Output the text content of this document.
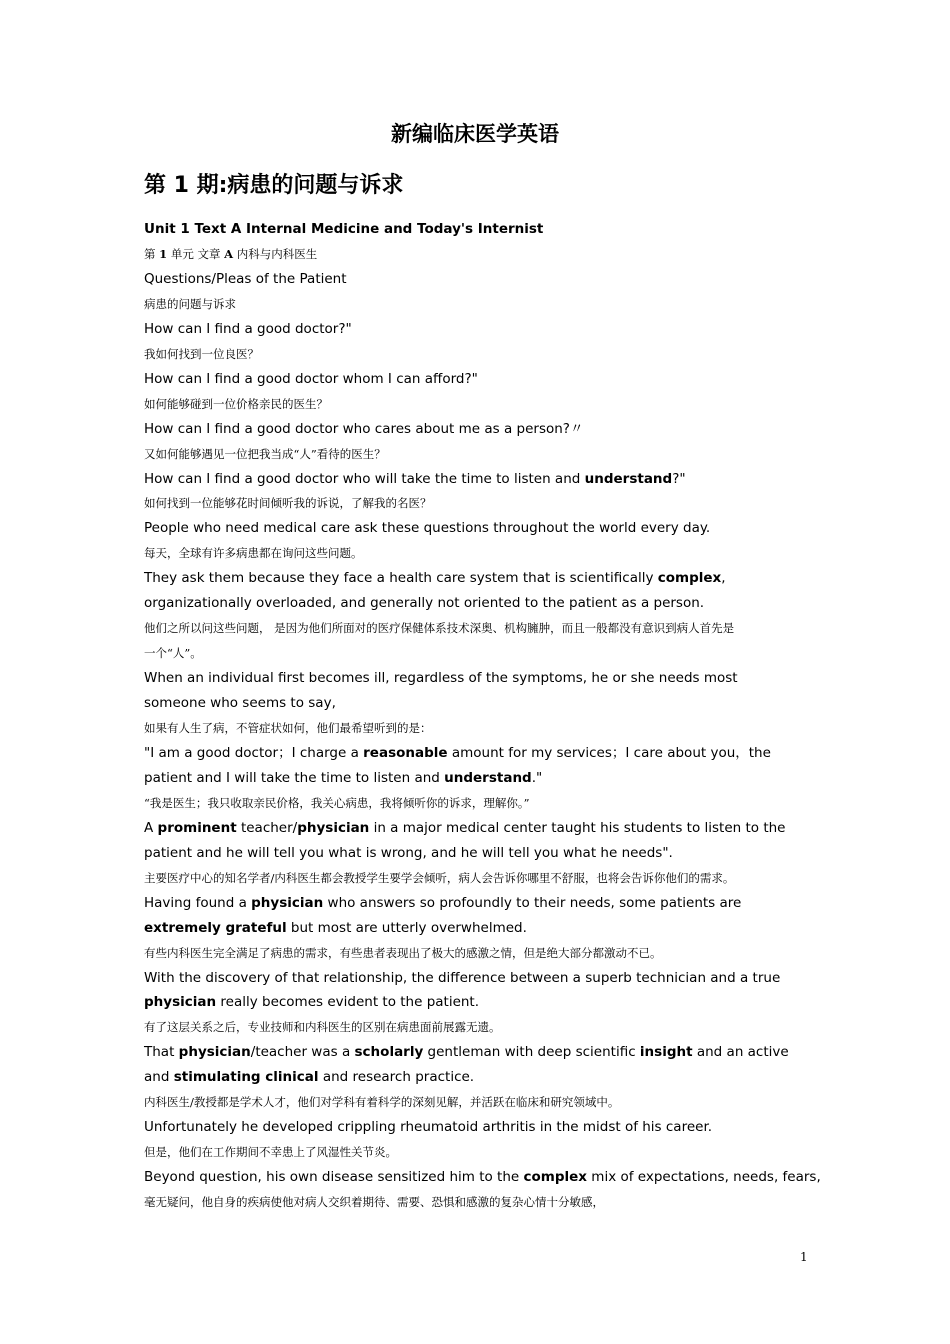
新编临床医学英语
第 1 期:病患的问题与诉求
Unit 1 Text A Internal Medicine and Today's Internist
第 1 单元 文章 A 内科与内科医生
Questions/Pleas of the Patient
病患的问题与诉求
How can I find a good doctor?"
我如何找到一位良医？
How can I find a good doctor whom I can afford?"
如何能够碰到一位价格亲民的医生？
How can I find a good doctor who cares about me as a person?〃
又如何能够遇见一位把我当成“人”看待的医生？
How can I find a good doctor who will take the time to listen and understand?"
如何找到一位能够花时间倾听我的诉说，了解我的名医？
People who need medical care ask these questions throughout the world every day.
每天，全球有许多病患都在询问这些问题。
They ask them because they face a health care system that is scientifically complex,
organizationally overloaded, and generally not oriented to the patient as a person.
他们之所以问这些问题， 是因为他们所面对的医疗保健体系技术深奥、机构臃肿，而且一般都没有意识到病人首先是
一个“人”。
When an individual first becomes ill, regardless of the symptoms, he or she needs most
someone who seems to say,
如果有人生了病，不管症状如何，他们最希望听到的是：
"I am a good doctor；I charge a reasonable amount for my services；I care about you，the
patient and I will take the time to listen and understand."
“我是医生；我只收取亲民价格，我关心病患，我将倾听你的诉求，理解你。”
A prominent teacher/physician in a major medical center taught his students to listen to the
patient and he will tell you what is wrong, and he will tell you what he needs".
主要医疗中心的知名学者/内科医生都会教授学生要学会倾听，病人会告诉你哪里不舒服，也将会告诉你他们的需求。
Having found a physician who answers so profoundly to their needs, some patients are
extremely grateful but most are utterly overwhelmed.
有些内科医生完全满足了病患的需求，有些患者表现出了极大的感激之情，但是绝大部分都激动不已。
With the discovery of that relationship, the difference between a superb technician and a true
physician really becomes evident to the patient.
有了这层关系之后，专业技师和内科医生的区别在病患面前展露无遗。
That physician/teacher was a scholarly gentleman with deep scientific insight and an active
and stimulating clinical and research practice.
内科医生/教授都是学术人才，他们对学科有着科学的深刻见解，并活跃在临床和研究领域中。
Unfortunately he developed crippling rheumatoid arthritis in the midst of his career.
但是，他们在工作期间不幸患上了风湿性关节炎。
Beyond question, his own disease sensitized him to the complex mix of expectations, needs, fears,
毫无疑问，他自身的疾病使他对病人交织着期待、需要、恐惧和感激的复杂心情十分敏感，
1
